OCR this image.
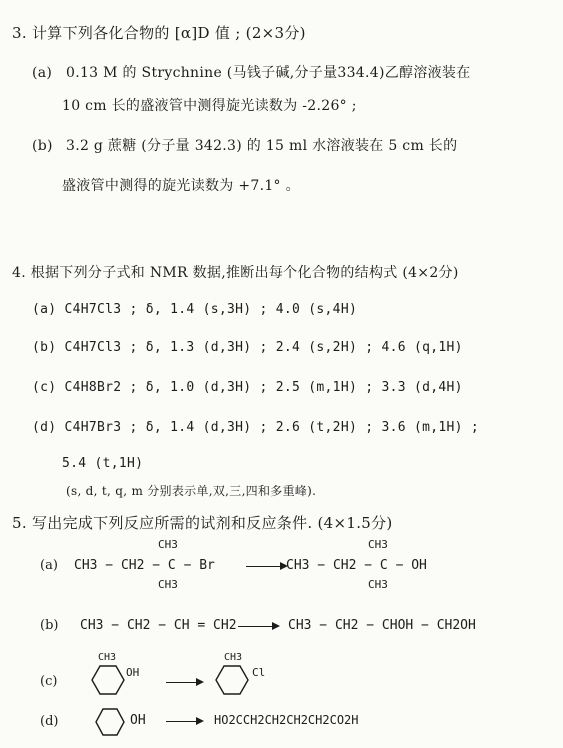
3. 计算下列各化合物的 [α]D 值 ; (2×3分)
(a) 0.13 M 的 Strychnine (马钱子碱,分子量334.4)乙醇溶液装在
10 cm 长的盛液管中测得旋光读数为 -2.26° ;
(b) 3.2 g 蔗糖 (分子量 342.3) 的 15 ml 水溶液装在 5 cm 长的
盛液管中测得的旋光读数为 +7.1° 。
4. 根据下列分子式和 NMR 数据,推断出每个化合物的结构式 (4×2分)
(a) C4H7Cl3 ; δ, 1.4 (s,3H) ; 4.0 (s,4H)
(b) C4H7Cl3 ; δ, 1.3 (d,3H) ; 2.4 (s,2H) ; 4.6 (q,1H)
(c) C4H8Br2 ; δ, 1.0 (d,3H) ; 2.5 (m,1H) ; 3.3 (d,4H)
(d) C4H7Br3 ; δ, 1.4 (d,3H) ; 2.6 (t,2H) ; 3.6 (m,1H) ;
5.4 (t,1H)
(s, d, t, q, m 分别表示单,双,三,四和多重峰).
5. 写出完成下列反应所需的试剂和反应条件. (4×1.5分)
(a)
CH3
CH3 − CH2 − C − Br
CH3
CH3
CH3 − CH2 − C − OH
CH3
(b) CH3 − CH2 − CH = CH2	CH3 − CH2 − CHOH − CH2OH
(c)
CH3
OH
CH3
Cl
(d)	OH	HO2CCH2CH2CH2CH2CO2H
